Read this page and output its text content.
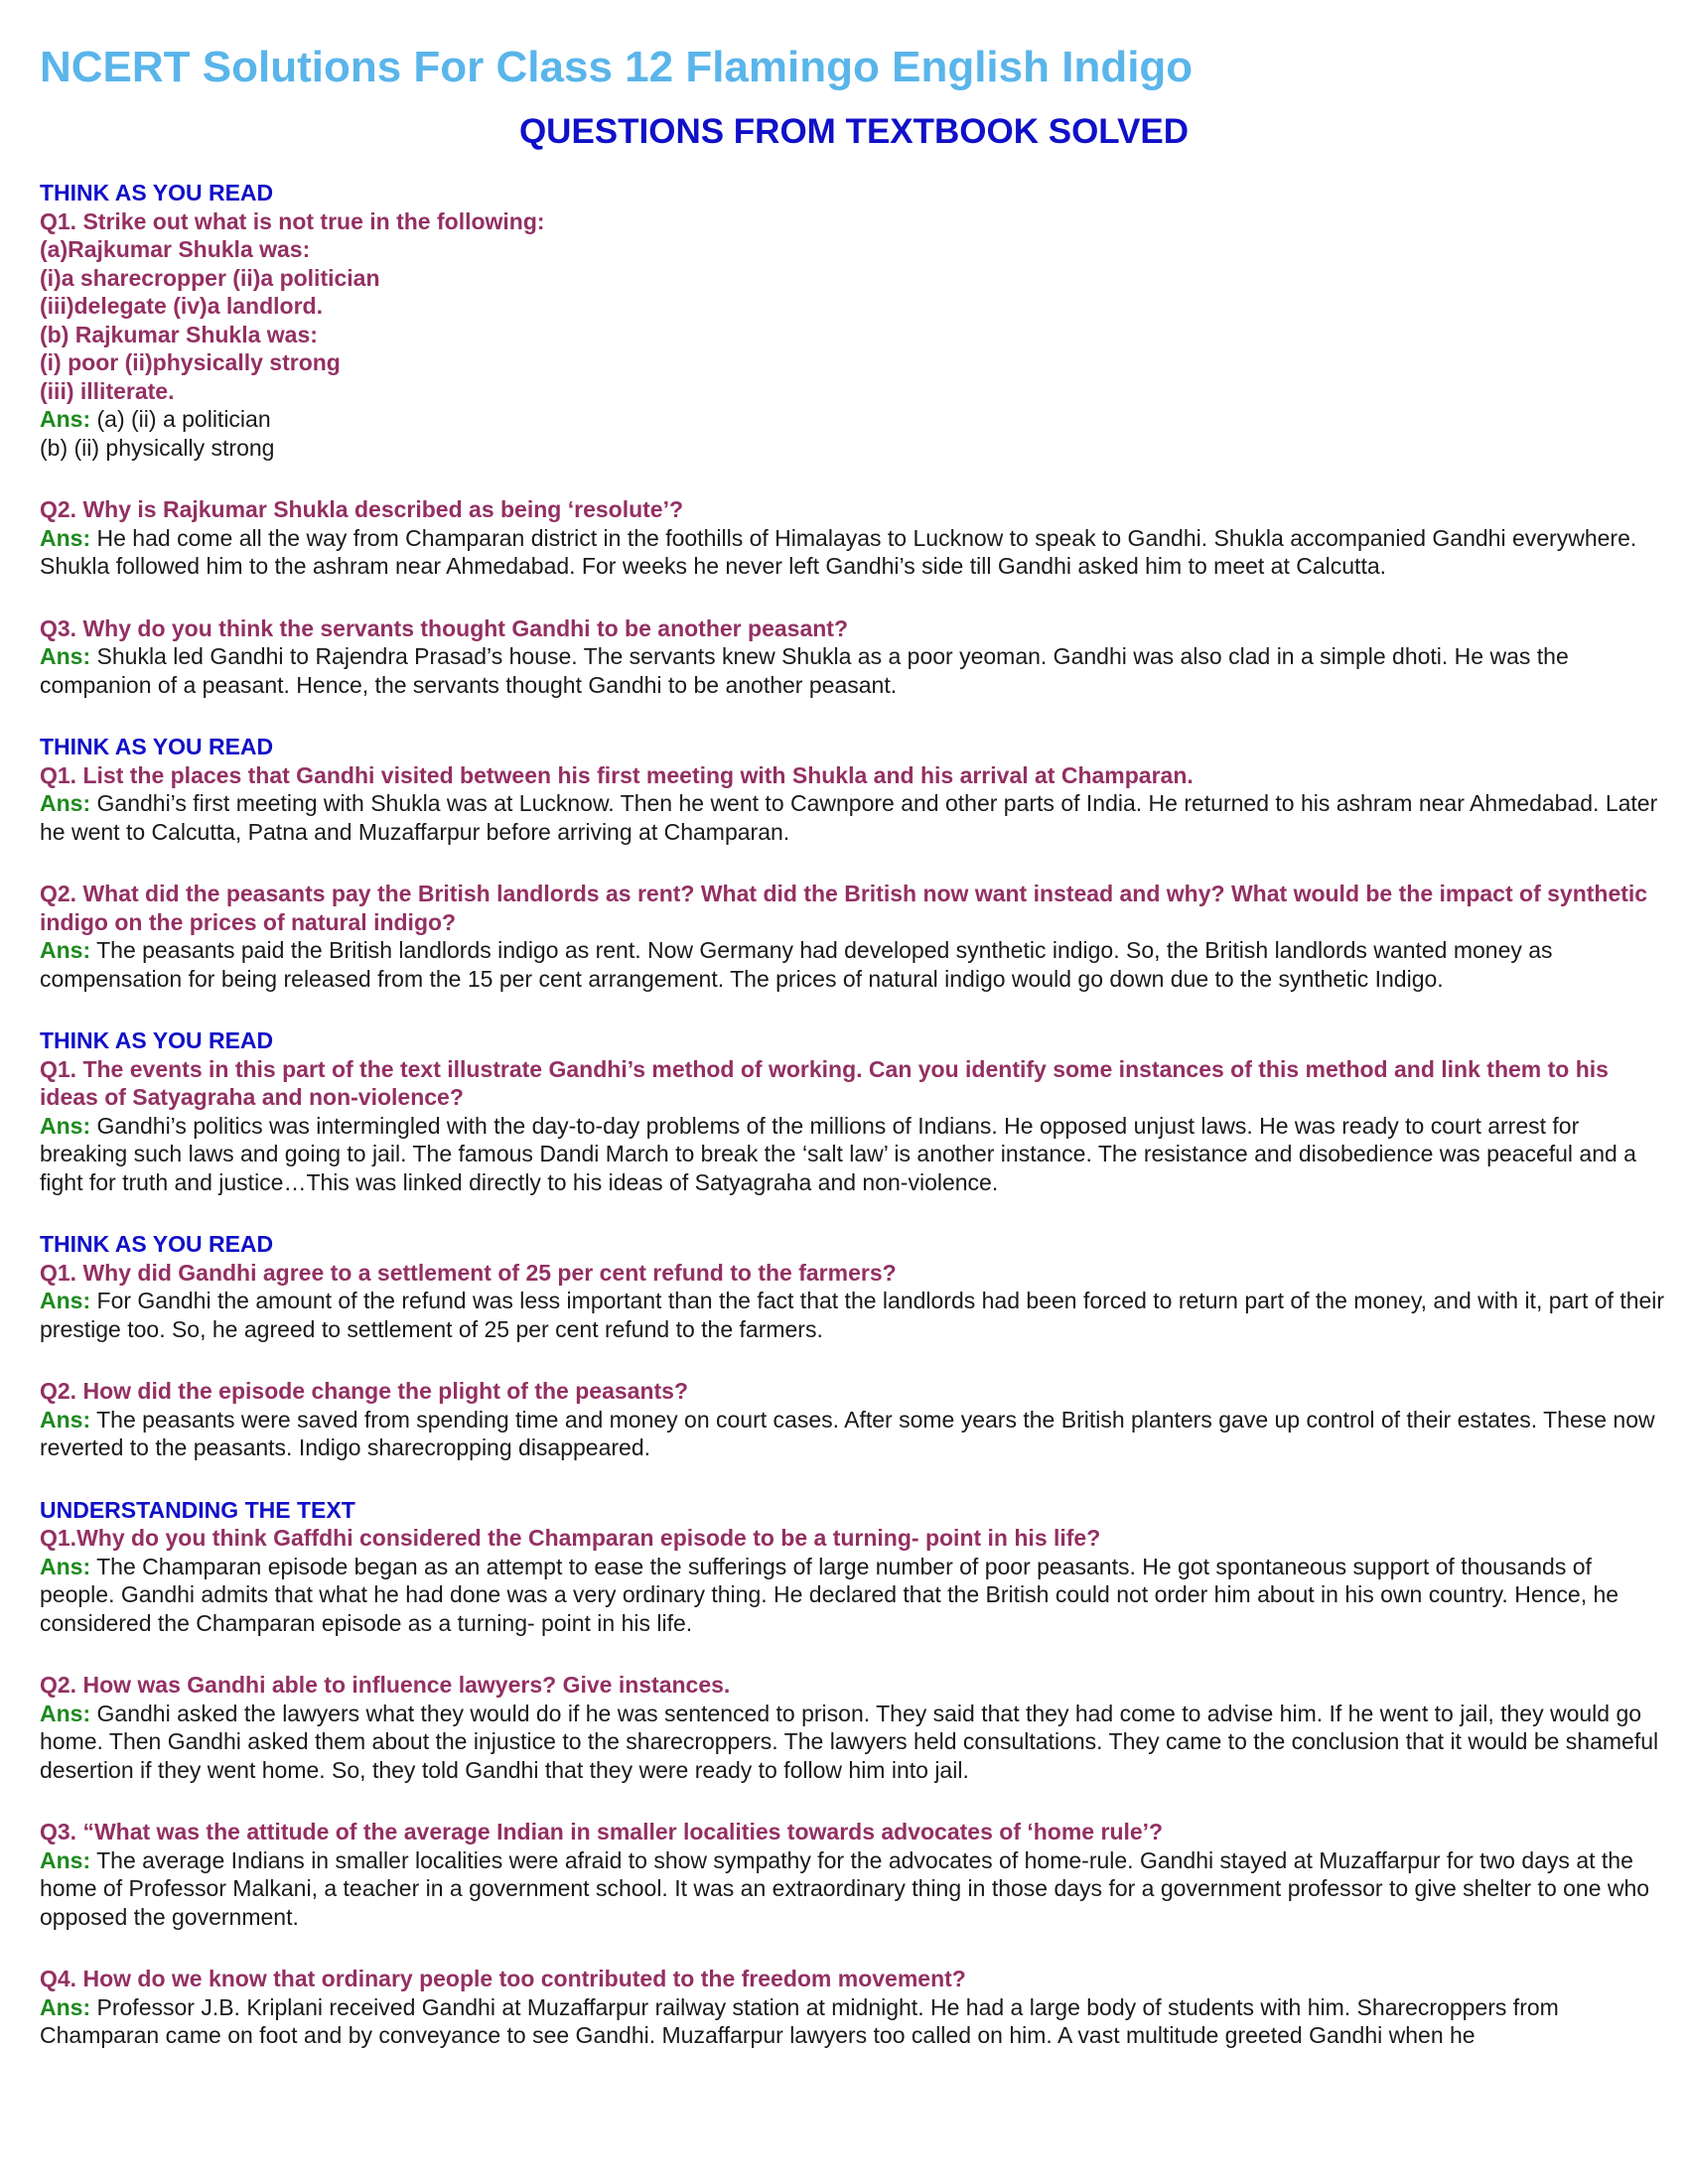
NCERT Solutions For Class 12 Flamingo English Indigo
QUESTIONS FROM TEXTBOOK SOLVED
THINK AS YOU READ
Q1. Strike out what is not true in the following:
(a)Rajkumar Shukla was:
(i)a sharecropper (ii)a politician
(iii)delegate (iv)a landlord.
(b) Rajkumar Shukla was:
(i) poor (ii)physically strong
(iii) illiterate.
Ans: (a) (ii) a politician
(b) (ii) physically strong
Q2. Why is Rajkumar Shukla described as being ‘resolute’?
Ans: He had come all the way from Champaran district in the foothills of Himalayas to Lucknow to speak to Gandhi. Shukla accompanied Gandhi everywhere. Shukla followed him to the ashram near Ahmedabad. For weeks he never left Gandhi’s side till Gandhi asked him to meet at Calcutta.
Q3. Why do you think the servants thought Gandhi to be another peasant?
Ans: Shukla led Gandhi to Rajendra Prasad’s house. The servants knew Shukla as a poor yeoman. Gandhi was also clad in a simple dhoti. He was the companion of a peasant. Hence, the servants thought Gandhi to be another peasant.
THINK AS YOU READ
Q1. List the places that Gandhi visited between his first meeting with Shukla and his arrival at Champaran.
Ans: Gandhi’s first meeting with Shukla was at Lucknow. Then he went to Cawnpore and other parts of India. He returned to his ashram near Ahmedabad. Later he went to Calcutta, Patna and Muzaffarpur before arriving at Champaran.
Q2. What did the peasants pay the British landlords as rent? What did the British now want instead and why? What would be the impact of synthetic indigo on the prices of natural indigo?
Ans: The peasants paid the British landlords indigo as rent. Now Germany had developed synthetic indigo. So, the British landlords wanted money as compensation for being released from the 15 per cent arrangement. The prices of natural indigo would go down due to the synthetic Indigo.
THINK AS YOU READ
Q1. The events in this part of the text illustrate Gandhi’s method of working. Can you identify some instances of this method and link them to his ideas of Satyagraha and non-violence?
Ans: Gandhi’s politics was intermingled with the day-to-day problems of the millions of Indians. He opposed unjust laws. He was ready to court arrest for breaking such laws and going to jail. The famous Dandi March to break the ‘salt law’ is another instance. The resistance and disobedience was peaceful and a fight for truth and justice…This was linked directly to his ideas of Satyagraha and non-violence.
THINK AS YOU READ
Q1. Why did Gandhi agree to a settlement of 25 per cent refund to the farmers?
Ans: For Gandhi the amount of the refund was less important than the fact that the landlords had been forced to return part of the money, and with it, part of their prestige too. So, he agreed to settlement of 25 per cent refund to the farmers.
Q2. How did the episode change the plight of the peasants?
Ans: The peasants were saved from spending time and money on court cases. After some years the British planters gave up control of their estates. These now reverted to the peasants. Indigo sharecropping disappeared.
UNDERSTANDING THE TEXT
Q1.Why do you think Gaffdhi considered the Champaran episode to be a turning- point in his life?
Ans: The Champaran episode began as an attempt to ease the sufferings of large number of poor peasants. He got spontaneous support of thousands of people. Gandhi admits that what he had done was a very ordinary thing. He declared that the British could not order him about in his own country. Hence, he considered the Champaran episode as a turning- point in his life.
Q2. How was Gandhi able to influence lawyers? Give instances.
Ans: Gandhi asked the lawyers what they would do if he was sentenced to prison. They said that they had come to advise him. If he went to jail, they would go home. Then Gandhi asked them about the injustice to the sharecroppers. The lawyers held consultations. They came to the conclusion that it would be shameful desertion if they went home. So, they told Gandhi that they were ready to follow him into jail.
Q3. “What was the attitude of the average Indian in smaller localities towards advocates of ‘home rule’?
Ans: The average Indians in smaller localities were afraid to show sympathy for the advocates of home-rule. Gandhi stayed at Muzaffarpur for two days at the home of Professor Malkani, a teacher in a government school. It was an extraordinary thing in those days for a government professor to give shelter to one who opposed the government.
Q4. How do we know that ordinary people too contributed to the freedom movement?
Ans: Professor J.B. Kriplani received Gandhi at Muzaffarpur railway station at midnight. He had a large body of students with him. Sharecroppers from Champaran came on foot and by conveyance to see Gandhi. Muzaffarpur lawyers too called on him. A vast multitude greeted Gandhi when he
